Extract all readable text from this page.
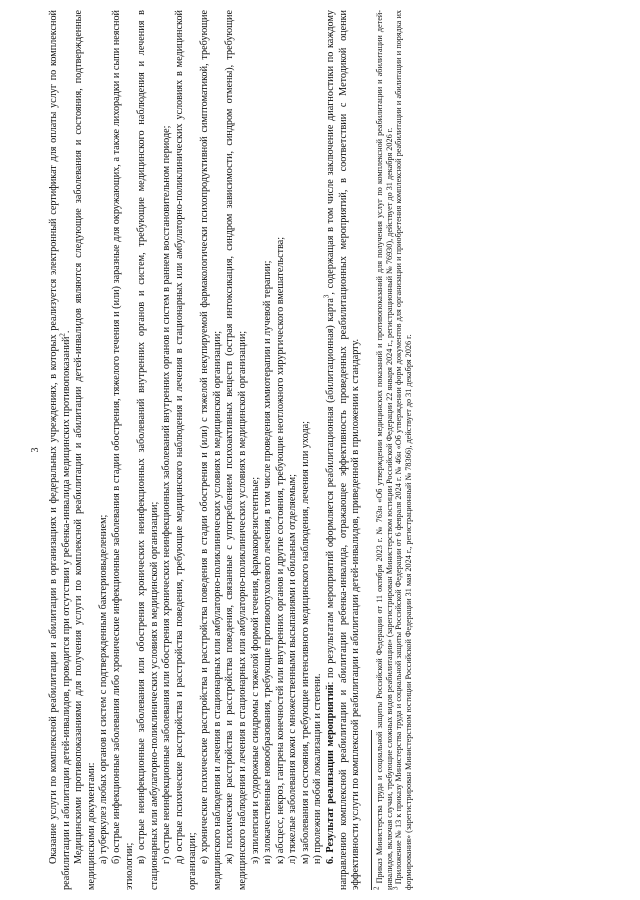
3 Оказание услуги по комплексной реабилитации и абилитации в организациях и федеральных учреждениях, в которых реализуется электронный сертификат для оплаты услуг по комплексной реабилитации и абилитации детей-инвалидов, проводится при отсутствии у ребенка-инвалида медицинских противопоказаний$^2$. Медицинскими противопоказаниями для получения услуги по комплексной реабилитации и абилитации детей-инвалидов являются следующие заболевания и состояния, подтвержденные медицинскими документами: а) туберкулез любых органов и систем с подтвержденным бактериовыделением; б) острые инфекционные заболевания либо хронические инфекционные заболевания в стадии обострения, тяжелого течения и (или) заразные для окружающих, а также лихорадки и сыпи неясной этиологии;

в) острые неинфекционные заболевания или обострения хронических неинфекционных заболеваний внутренних органов и систем, требующие медицинского наблюдения и лечения в стационарных или амбулаторно-поликлинических условиях в медицинской организации; г) острые неинфекционные заболевания или обострения хронических неинфекционных заболеваний внутренних органов и систем в раннем восстановительном периоде; д) острые психические расстройства и расстройства поведения, требующие медицинского наблюдения и лечения в стационарных или амбулаторно-поликлинических условиях в медицинской организации; е) хронические психические расстройства и расстройства поведения в стадии обострения и (или) с тяжелой некупируемой фармакологически психопродуктивной симптоматикой, требующие медицинского наблюдения и лечения в стационарных или амбулаторно-поликлинических условиях в медицинской организации; ж) психические расстройства и расстройства поведения, связанные с употреблением психоактивных веществ (острая интоксикация, синдром зависимости, синдром отмены), требующие медицинского наблюдения и лечения в стационарных или амбулаторно-поликлинических условиях в медицинской организации; з) эпилепсия и судорожные синдромы с тяжелой формой течения, фармакорезистентные; и) злокачественные новообразования, требующие противоопухолевого лечения, в том числе проведения химиотерапии и лучевой терапии; к) абсцесс, некроз, гангрена конечностей или внутренних органов и другие состояния, требующие неотложного хирургического вмешательства; л) тяжелые заболевания кожи с множественными высыпаниями и обильным отделяемым; м) заболевания и состояния, требующие интенсивного медицинского наблюдения, лечения или ухода; н) пролежни любой локализации и степени. 6. Результат реализации мероприятий: по результатам мероприятий оформляется реабилитационная (абилитационная) карта$^3$, содержащая в том числе заключение диагностики по каждому направлению комплексной реабилитации и абилитации ребенка-инвалида, отражающее эффективность проведенных реабилитационных мероприятий, в соответствии с Методикой оценки эффективности услуги по комплексной реабилитации и абилитации детей-инвалидов, приведенной в приложении к стандарту. 2 Приказ Министерства труда и социальной защиты Российской Федерации от 11 октября 2023 г. № 763н «Об утверждении медицинских показаний и противопоказаний для получения услуг по комплексной реабилитации и абилитации детей-инвалидов, включая случаи, требующие сложных видов реабилитации» (зарегистрирован Министерством юстиции Российской Федерации 22 января 2024 г., регистрационный № 76930), действует до 31 декабря 2026 г.

3 Приложение № 13 к приказу Министерства труда и социальной защиты Российской Федерации от 6 февраля 2024 г. № 46н «Об утверждении форм документов для организации и приобретения комплексной реабилитации и абилитации и порядка их формирования» (зарегистрирован Министерством юстиции Российской Федерации 31 мая 2024 г., регистрационный № 78366), действует до 31 декабря 2026 г.
